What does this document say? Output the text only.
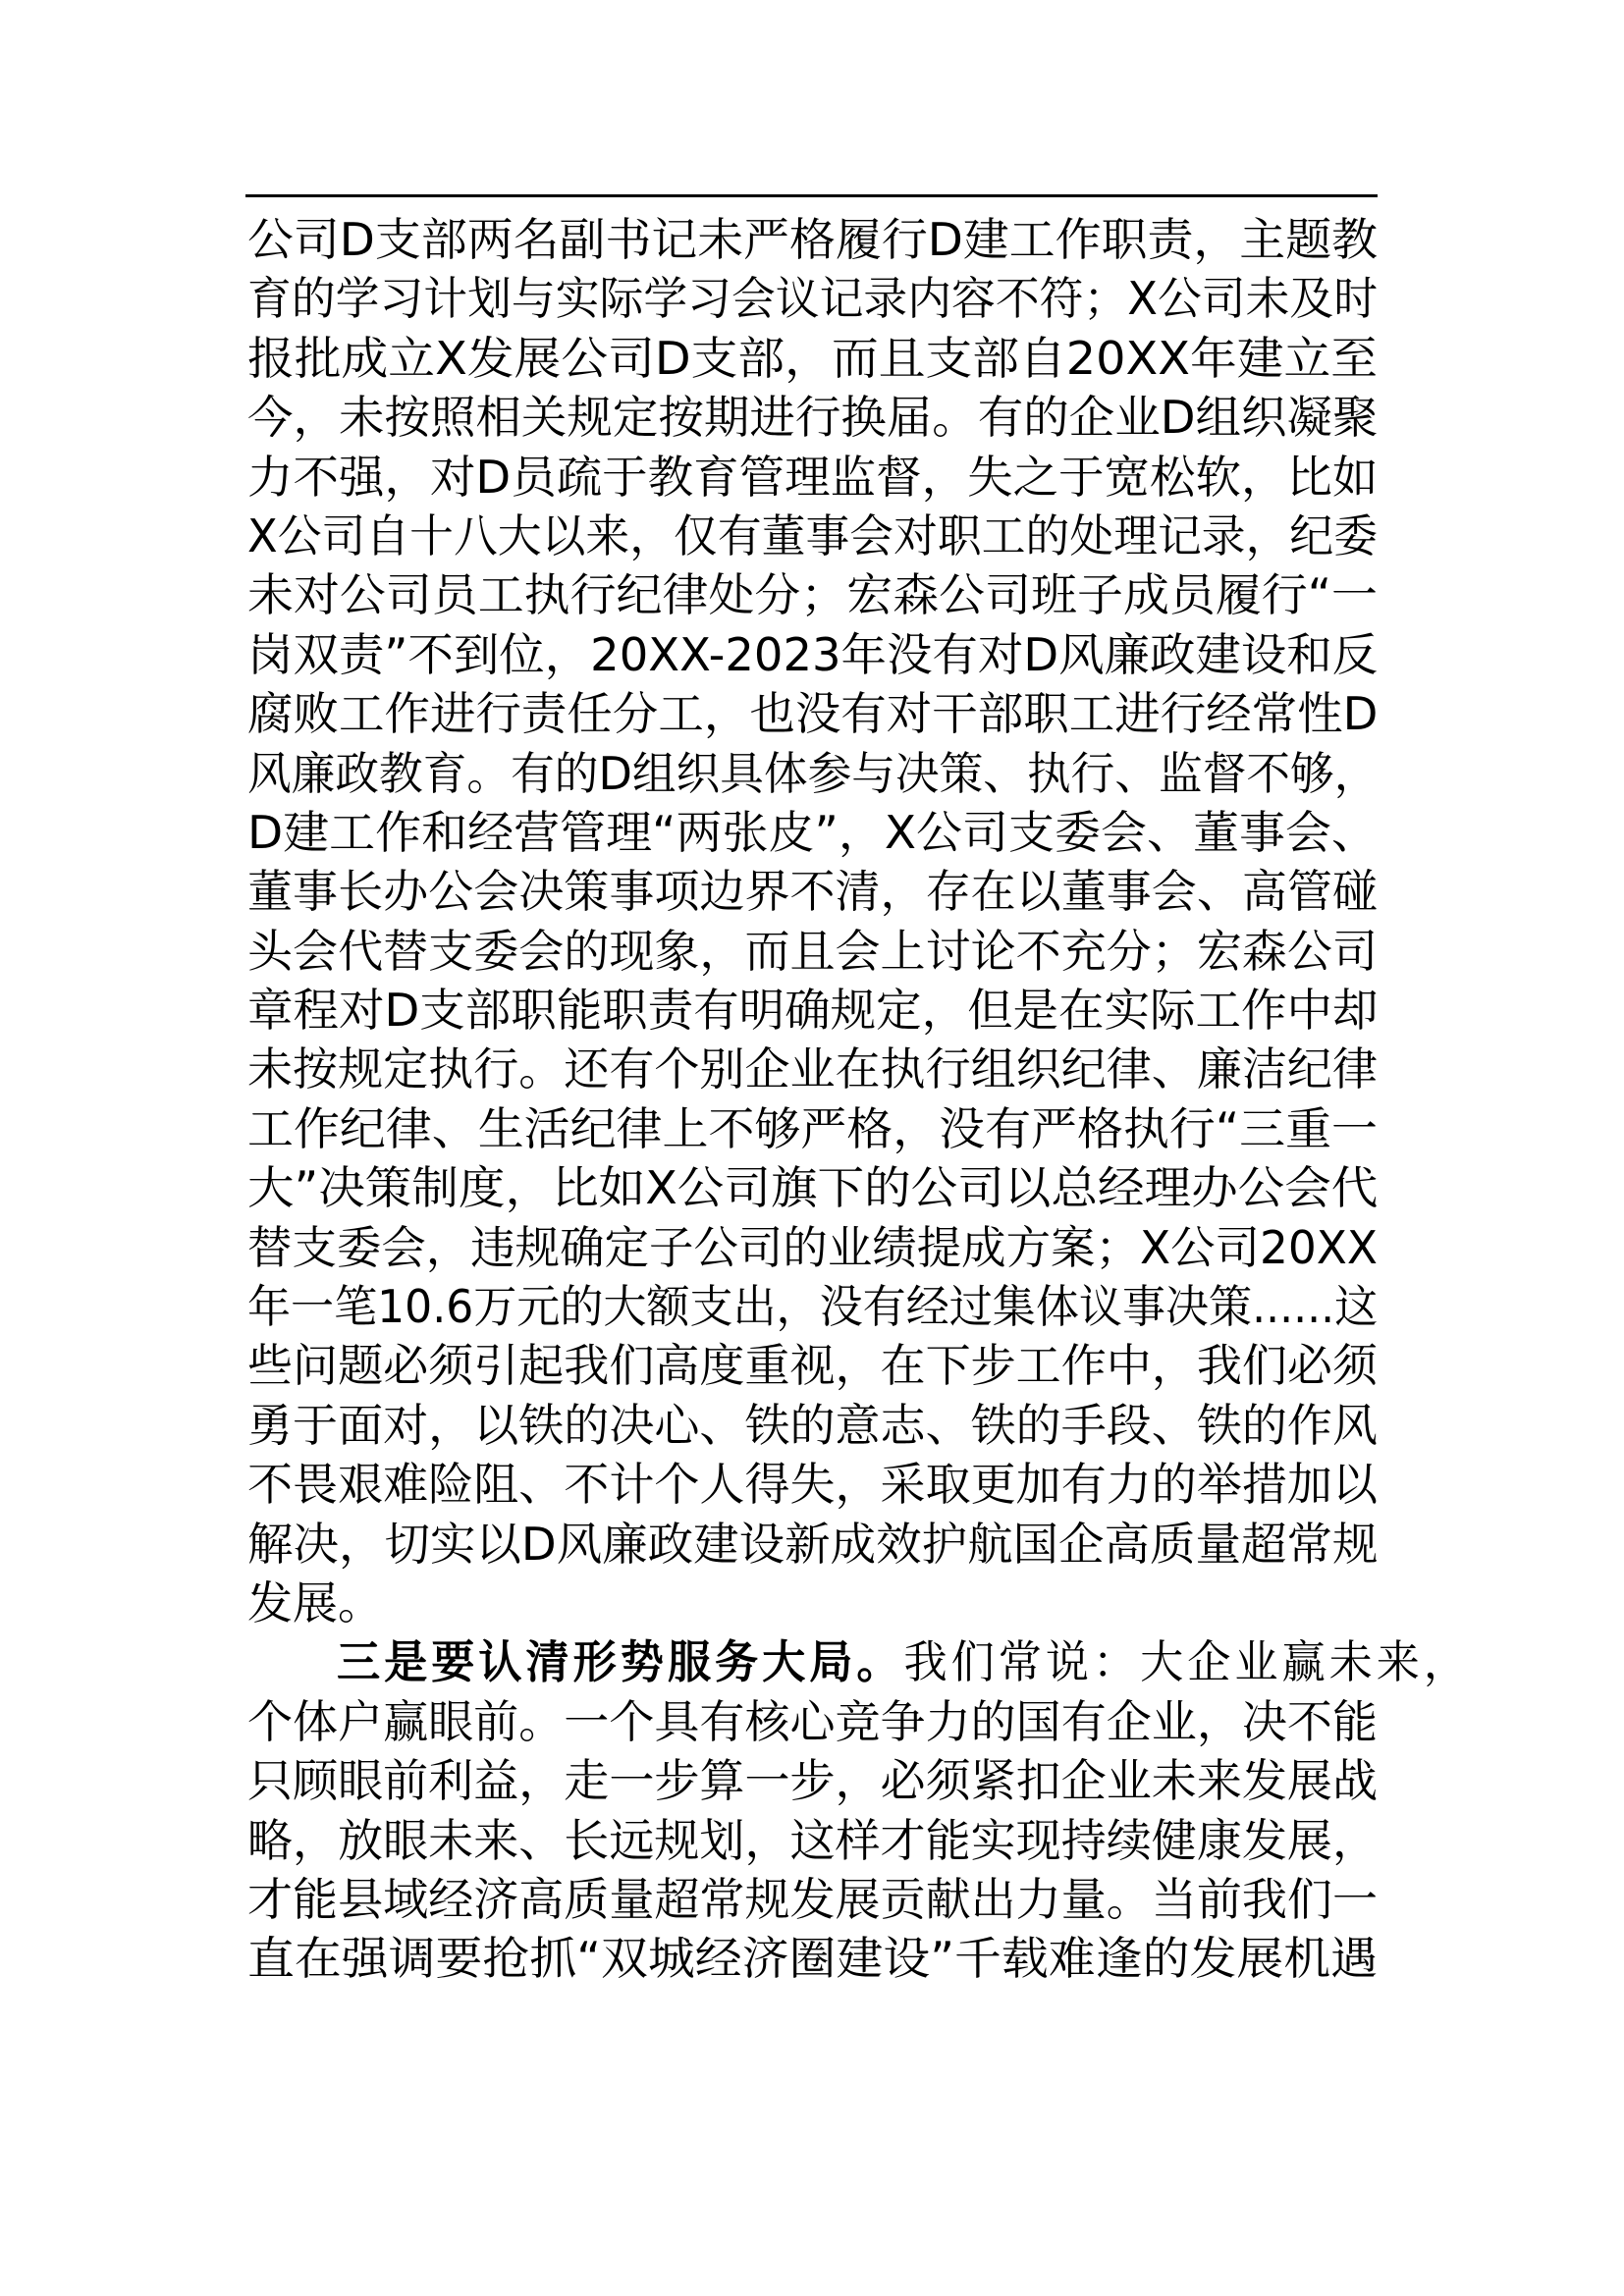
公司D支部两名副书记未严格履行D建工作职责，主题教
育的学习计划与实际学习会议记录内容不符；X公司未及时
报批成立X发展公司D支部，而且支部自20XX年建立至
今，未按照相关规定按期进行换届。有的企业D组织凝聚
力不强，对D员疏于教育管理监督，失之于宽松软，比如
X公司自十八大以来，仅有董事会对职工的处理记录，纪委
未对公司员工执行纪律处分；宏森公司班子成员履行“一
岗双责”不到位，20XX-2023年没有对D风廉政建设和反
腐败工作进行责任分工，也没有对干部职工进行经常性D
风廉政教育。有的D组织具体参与决策、执行、监督不够，
D建工作和经营管理“两张皮”，X公司支委会、董事会、
董事长办公会决策事项边界不清，存在以董事会、高管碰
头会代替支委会的现象，而且会上讨论不充分；宏森公司
章程对D支部职能职责有明确规定，但是在实际工作中却
未按规定执行。还有个别企业在执行组织纪律、廉洁纪律
工作纪律、生活纪律上不够严格，没有严格执行“三重一
大”决策制度，比如X公司旗下的公司以总经理办公会代
替支委会，违规确定子公司的业绩提成方案；X公司20XX
年一笔10.6万元的大额支出，没有经过集体议事决策......这
些问题必须引起我们高度重视，在下步工作中，我们必须
勇于面对，以铁的决心、铁的意志、铁的手段、铁的作风
不畏艰难险阻、不计个人得失，采取更加有力的举措加以
解决，切实以D风廉政建设新成效护航国企高质量超常规
发展。
三是要认清形势服务大局。我们常说：大企业赢未来，
个体户赢眼前。一个具有核心竞争力的国有企业，决不能
只顾眼前利益，走一步算一步，必须紧扣企业未来发展战
略，放眼未来、长远规划，这样才能实现持续健康发展，
才能县域经济高质量超常规发展贡献出力量。当前我们一
直在强调要抢抓“双城经济圈建设”千载难逢的发展机遇
